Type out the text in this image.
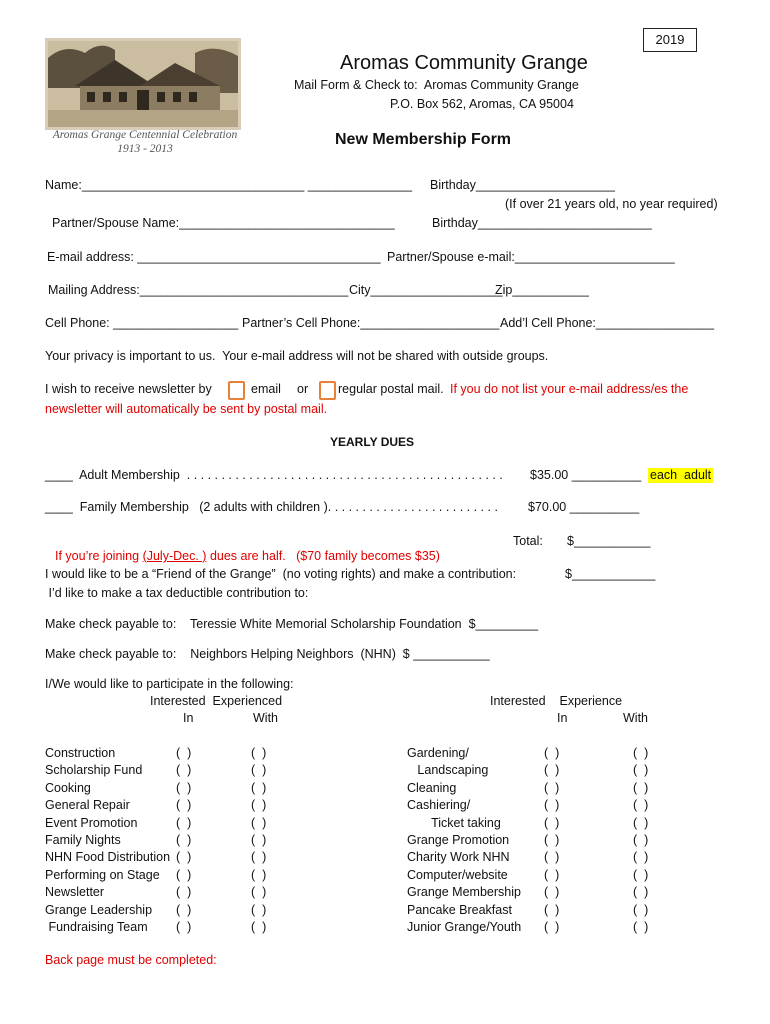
2019
Aromas Grange Centennial Celebration
1913 - 2013
Aromas Community Grange
Mail Form & Check to:  Aromas Community Grange
P.O. Box 562, Aromas, CA 95004
New Membership Form
Name:________________________________ _______________ Birthday____________________
(If over 21 years old, no year required)
Partner/Spouse Name:_______________________________	Birthday_________________________
E-mail address: ___________________________________ Partner/Spouse e-mail:_______________________
Mailing Address:______________________________ City___________________
Zip___________
Cell Phone: __________________ Partner’s Cell Phone:____________________ Add’l Cell Phone:_________________
Your privacy is important to us.  Your e-mail address will not be shared with outside groups.
I wish to receive newsletter by	email or regular postal mail. If you do not list your e-mail address/es the
newsletter will automatically be sent by postal mail.
YEARLY DUES
____  Adult Membership  . . . . . . . . . . . . . . . . . . . . . . . . . . . . . . . . . . . . . . . . . . . . . . $35.00 __________ each  adult
____  Family Membership   (2 adults with children ). . . . . . . . . . . . . . . . . . . . . . . . . $70.00 __________

If you’re joining (July-Dec. ) dues are half.   ($70 family becomes $35)

Total: $___________
I would like to be a “Friend of the Grange”  (no voting rights) and make a contribution:	$____________
I’d like to make a tax deductible contribution to:
Make check payable to:    Teressie White Memorial Scholarship Foundation  $_________
Make check payable to:    Neighbors Helping Neighbors  (NHN)  $ ___________
I/We would like to participate in the following:
Interested  Experienced
In	With
Interested    Experience
In	With
Construction	(  )	(  )
Scholarship Fund	(  )	(  )
Cooking	(  )	(  )
General Repair	(  )	(  )
Event Promotion	(  )	(  )
Family Nights	(  )	(  )
NHN Food Distribution (  )	(  )
Performing on Stage (  )	(  )
Newsletter	(  )	(  )
Grange Leadership (  )	(  )
Fundraising Team (  )	(  )
Gardening/	(  )	(  )
Landscaping	(  )	(  )
Cleaning	(  )	(  )
Cashiering/	(  )	(  )
Ticket taking	(  )	(  )
Grange Promotion	(  )	(  )
Charity Work NHN	(  )	(  )
Computer/website	(  )	(  )
Grange Membership (  )	(  )
Pancake Breakfast	(  )	(  )
Junior Grange/Youth (  )	(  )
Back page must be completed:
